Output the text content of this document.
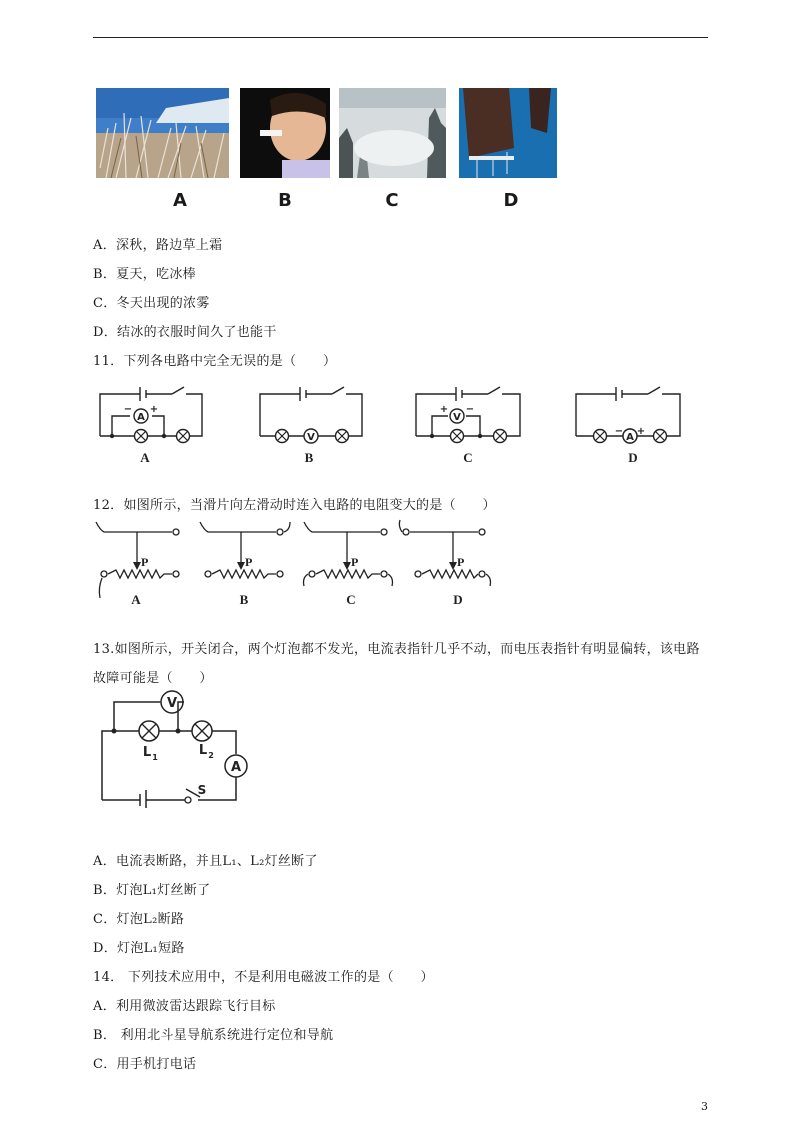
A	B	C	D
A．深秋，路边草上霜
B．夏天，吃冰棒
C．冬天出现的浓雾
D．结冰的衣服时间久了也能干
11．下列各电路中完全无误的是（　　）
A
V
V
A
− +	+ −
− +
A	B	C	D
12．如图所示，当滑片向左滑动时连入电路的电阻变大的是（　　）
P	P	P	P
A	B	C	D
13.如图所示，开关闭合，两个灯泡都不发光，电流表指针几乎不动，而电压表指针有明显偏转，该电路
故障可能是（　　）
V
A
L 1	L 2
S
A．电流表断路，并且L₁、L₂灯丝断了
B．灯泡L₁灯丝断了
C．灯泡L₂断路
D．灯泡L₁短路
14． 下列技术应用中，不是利用电磁波工作的是（　　）
A．利用微波雷达跟踪飞行目标
B． 利用北斗星导航系统进行定位和导航
C．用手机打电话
3
